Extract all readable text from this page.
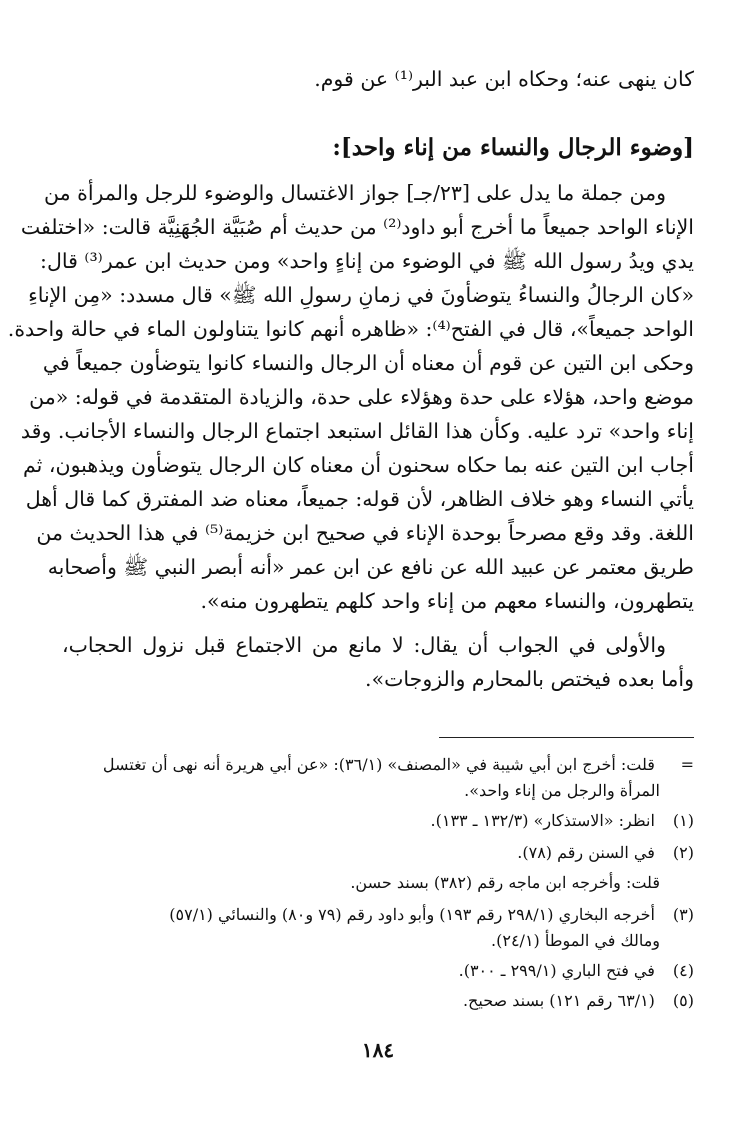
كان ينهى عنه؛ وحكاه ابن عبد البر⁽¹⁾ عن قوم.
[وضوء الرجال والنساء من إناء واحد]:
ومن جملة ما يدل على [٢٣/جـ] جواز الاغتسال والوضوء للرجل والمرأة من
الإناء الواحد جميعاً ما أخرج أبو داود⁽²⁾ من حديث أم صُبَيَّة الجُهَنِيَّة قالت: «اختلفت
يدي ويدُ رسول الله ﷺ في الوضوء من إناءٍ واحد» ومن حديث ابن عمر⁽³⁾ قال:
«كان الرجالُ والنساءُ يتوضأونَ في زمانِ رسولِ الله ﷺ» قال مسدد: «مِن الإناءِ
الواحد جميعاً»، قال في الفتح⁽⁴⁾: «ظاهره أنهم كانوا يتناولون الماء في حالة واحدة.
وحكى ابن التين عن قوم أن معناه أن الرجال والنساء كانوا يتوضأون جميعاً في
موضع واحد، هؤلاء على حدة وهؤلاء على حدة، والزيادة المتقدمة في قوله: «من
إناء واحد» ترد عليه. وكأن هذا القائل استبعد اجتماع الرجال والنساء الأجانب. وقد
أجاب ابن التين عنه بما حكاه سحنون أن معناه كان الرجال يتوضأون ويذهبون، ثم
يأتي النساء وهو خلاف الظاهر، لأن قوله: جميعاً، معناه ضد المفترق كما قال أهل
اللغة. وقد وقع مصرحاً بوحدة الإناء في صحيح ابن خزيمة⁽⁵⁾ في هذا الحديث من
طريق معتمر عن عبيد الله عن نافع عن ابن عمر «أنه أبصر النبي ﷺ وأصحابه
يتطهرون، والنساء معهم من إناء واحد كلهم يتطهرون منه».
والأولى في الجواب أن يقال: لا مانع من الاجتماع قبل نزول الحجاب،
وأما بعده فيختص بالمحارم والزوجات».
= قلت: أخرج ابن أبي شيبة في «المصنف» (٣٦/١): «عن أبي هريرة أنه نهى أن تغتسل
المرأة والرجل من إناء واحد».
(١) انظر: «الاستذكار» (١٣٢/٣ ـ ١٣٣).
(٢) في السنن رقم (٧٨).
قلت: وأخرجه ابن ماجه رقم (٣٨٢) بسند حسن.
(٣) أخرجه البخاري (٢٩٨/١ رقم ١٩٣) وأبو داود رقم (٧٩ و٨٠) والنسائي (٥٧/١)
ومالك في الموطأ (٢٤/١).
(٤) في فتح الباري (٢٩٩/١ ـ ٣٠٠).
(٥) (٦٣/١ رقم ١٢١) بسند صحيح.
١٨٤
